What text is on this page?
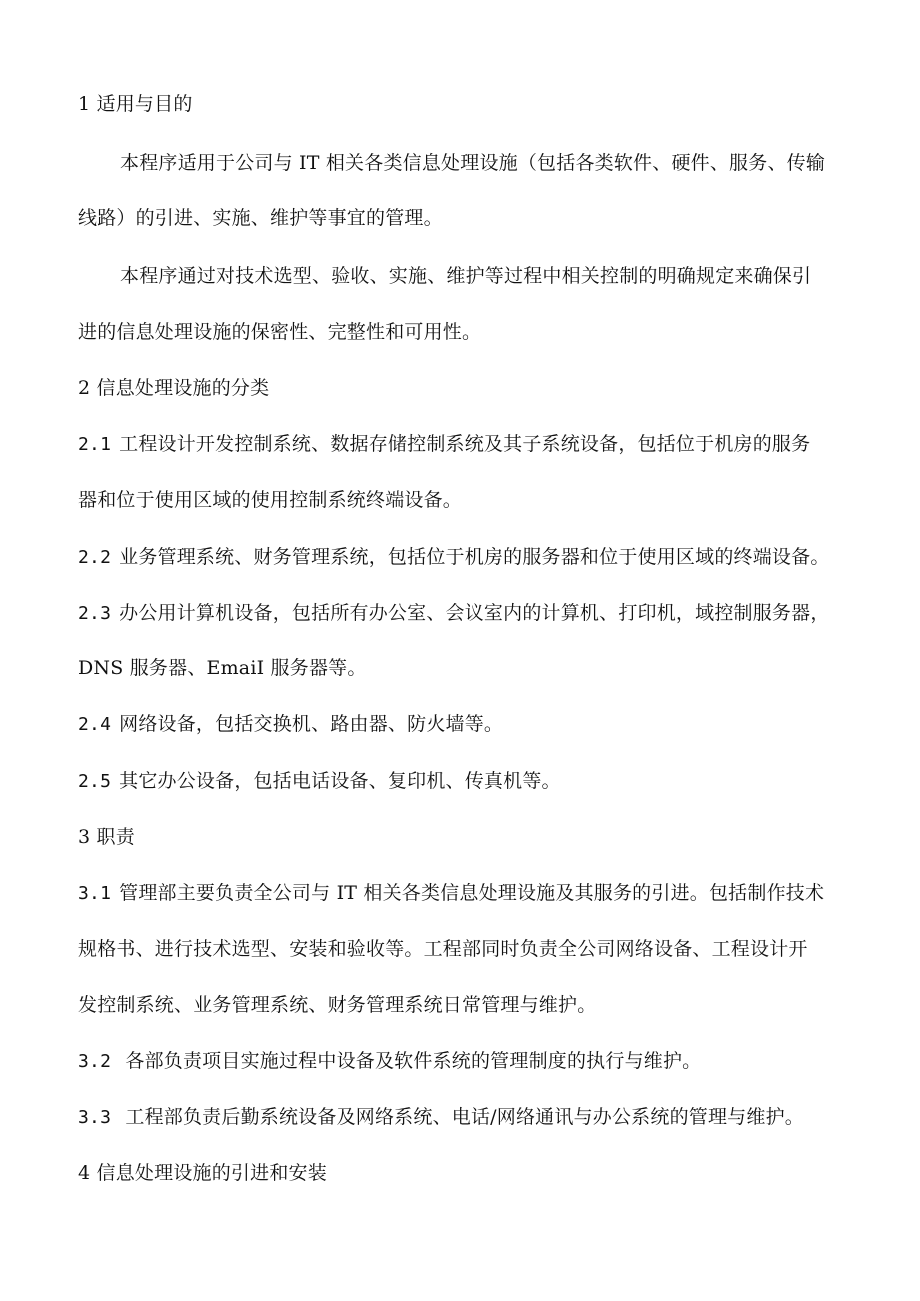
1 适用与目的
本程序适用于公司与 IT 相关各类信息处理设施（包括各类软件、硬件、服务、传输
线路）的引进、实施、维护等事宜的管理。
本程序通过对技术选型、验收、实施、维护等过程中相关控制的明确规定来确保引
进的信息处理设施的保密性、完整性和可用性。
2 信息处理设施的分类
2.1 工程设计开发控制系统、数据存储控制系统及其子系统设备，包括位于机房的服务
器和位于使用区域的使用控制系统终端设备。
2.2 业务管理系统、财务管理系统，包括位于机房的服务器和位于使用区域的终端设备。
2.3 办公用计算机设备，包括所有办公室、会议室内的计算机、打印机，域控制服务器，
DNS 服务器、EmaiI 服务器等。
2.4 网络设备，包括交换机、路由器、防火墙等。
2.5 其它办公设备，包括电话设备、复印机、传真机等。
3 职责
3.1 管理部主要负责全公司与 IT 相关各类信息处理设施及其服务的引进。包括制作技术
规格书、进行技术选型、安装和验收等。工程部同时负责全公司网络设备、工程设计开
发控制系统、业务管理系统、财务管理系统日常管理与维护。
3.2 各部负责项目实施过程中设备及软件系统的管理制度的执行与维护。
3.3 工程部负责后勤系统设备及网络系统、电话/网络通讯与办公系统的管理与维护。
4 信息处理设施的引进和安装
